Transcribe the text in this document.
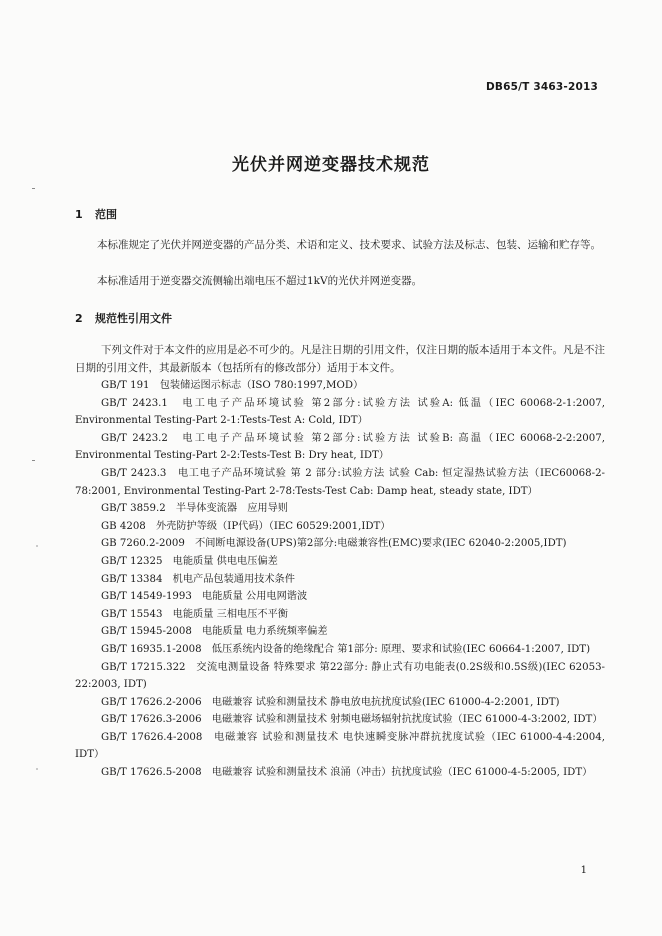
DB65/T 3463-2013
光伏并网逆变器技术规范
1 范围
本标准规定了光伏并网逆变器的产品分类、术语和定义、技术要求、试验方法及标志、包装、运输和贮存等。
本标准适用于逆变器交流侧输出端电压不超过1kV的光伏并网逆变器。
2 规范性引用文件
下列文件对于本文件的应用是必不可少的。凡是注日期的引用文件，仅注日期的版本适用于本文件。凡是不注日期的引用文件，其最新版本（包括所有的修改部分）适用于本文件。
GB/T 191　包装储运图示标志（ISO 780:1997,MOD）
GB/T 2423.1　电工电子产品环境试验 第2部分:试验方法 试验A: 低温（IEC 60068-2-1:2007, Environmental Testing-Part 2-1:Tests-Test A: Cold, IDT）
GB/T 2423.2　电工电子产品环境试验 第2部分:试验方法 试验B: 高温（IEC 60068-2-2:2007, Environmental Testing-Part 2-2:Tests-Test B: Dry heat, IDT）
GB/T 2423.3　电工电子产品环境试验 第 2 部分:试验方法 试验 Cab: 恒定湿热试验方法（IEC60068-2-78:2001, Environmental Testing-Part 2-78:Tests-Test Cab: Damp heat, steady state, IDT）
GB/T 3859.2　半导体变流器　应用导则
GB 4208　外壳防护等级（IP代码）（IEC 60529:2001,IDT）
GB 7260.2-2009　不间断电源设备(UPS)第2部分:电磁兼容性(EMC)要求(IEC 62040-2:2005,IDT)
GB/T 12325　电能质量 供电电压偏差
GB/T 13384　机电产品包装通用技术条件
GB/T 14549-1993　电能质量 公用电网谐波
GB/T 15543　电能质量 三相电压不平衡
GB/T 15945-2008　电能质量 电力系统频率偏差
GB/T 16935.1-2008　低压系统内设备的绝缘配合 第1部分: 原理、要求和试验(IEC 60664-1:2007, IDT)
GB/T 17215.322　交流电测量设备 特殊要求 第22部分: 静止式有功电能表(0.2S级和0.5S级)(IEC 62053-22:2003, IDT)
GB/T 17626.2-2006　电磁兼容 试验和测量技术 静电放电抗扰度试验(IEC 61000-4-2:2001, IDT)
GB/T 17626.3-2006　电磁兼容 试验和测量技术 射频电磁场辐射抗扰度试验（IEC 61000-4-3:2002, IDT）
GB/T 17626.4-2008　电磁兼容 试验和测量技术 电快速瞬变脉冲群抗扰度试验（IEC 61000-4-4:2004, IDT）
GB/T 17626.5-2008　电磁兼容 试验和测量技术 浪涌（冲击）抗扰度试验（IEC 61000-4-5:2005, IDT）
1
